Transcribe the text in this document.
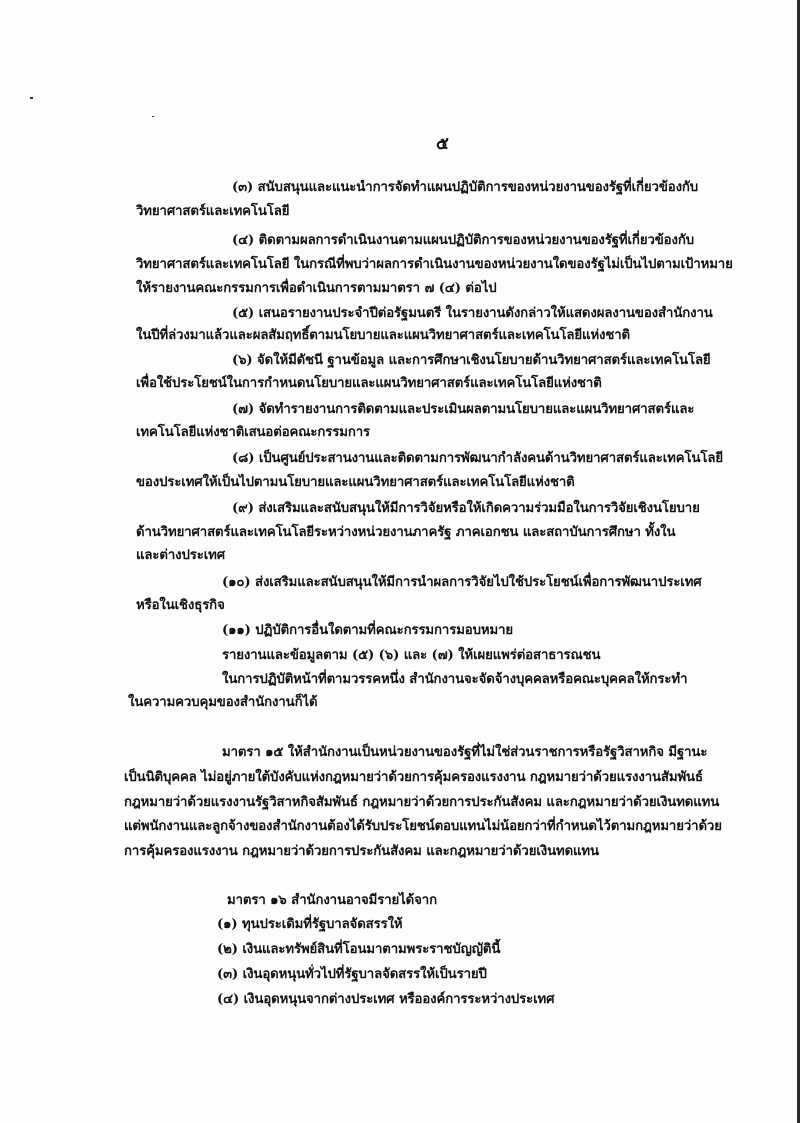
๕
(๓) สนับสนุนและแนะนำการจัดทำแผนปฏิบัติการของหน่วยงานของรัฐที่เกี่ยวข้องกับ
วิทยาศาสตร์และเทคโนโลยี
(๔) ติดตามผลการดำเนินงานตามแผนปฏิบัติการของหน่วยงานของรัฐที่เกี่ยวข้องกับ
วิทยาศาสตร์และเทคโนโลยี ในกรณีที่พบว่าผลการดำเนินงานของหน่วยงานใดของรัฐไม่เป็นไปตามเป้าหมาย
ให้รายงานคณะกรรมการเพื่อดำเนินการตามมาตรา ๗ (๔) ต่อไป
(๕) เสนอรายงานประจำปีต่อรัฐมนตรี ในรายงานดังกล่าวให้แสดงผลงานของสำนักงาน
ในปีที่ล่วงมาแล้วและผลสัมฤทธิ์ตามนโยบายและแผนวิทยาศาสตร์และเทคโนโลยีแห่งชาติ
(๖) จัดให้มีดัชนี ฐานข้อมูล และการศึกษาเชิงนโยบายด้านวิทยาศาสตร์และเทคโนโลยี
เพื่อใช้ประโยชน์ในการกำหนดนโยบายและแผนวิทยาศาสตร์และเทคโนโลยีแห่งชาติ
(๗) จัดทำรายงานการติดตามและประเมินผลตามนโยบายและแผนวิทยาศาสตร์และ
เทคโนโลยีแห่งชาติเสนอต่อคณะกรรมการ
(๘) เป็นศูนย์ประสานงานและติดตามการพัฒนากำลังคนด้านวิทยาศาสตร์และเทคโนโลยี
ของประเทศให้เป็นไปตามนโยบายและแผนวิทยาศาสตร์และเทคโนโลยีแห่งชาติ
(๙) ส่งเสริมและสนับสนุนให้มีการวิจัยหรือให้เกิดความร่วมมือในการวิจัยเชิงนโยบาย
ด้านวิทยาศาสตร์และเทคโนโลยีระหว่างหน่วยงานภาครัฐ ภาคเอกชน และสถาบันการศึกษา ทั้งใน
และต่างประเทศ
(๑๐) ส่งเสริมและสนับสนุนให้มีการนำผลการวิจัยไปใช้ประโยชน์เพื่อการพัฒนาประเทศ
หรือในเชิงธุรกิจ
(๑๑) ปฏิบัติการอื่นใดตามที่คณะกรรมการมอบหมาย
รายงานและข้อมูลตาม (๕) (๖) และ (๗) ให้เผยแพร่ต่อสาธารณชน
ในการปฏิบัติหน้าที่ตามวรรคหนึ่ง สำนักงานจะจัดจ้างบุคคลหรือคณะบุคคลให้กระทำ
ในความควบคุมของสำนักงานก็ได้
มาตรา ๑๕ ให้สำนักงานเป็นหน่วยงานของรัฐที่ไม่ใช่ส่วนราชการหรือรัฐวิสาหกิจ มีฐานะ
เป็นนิติบุคคล ไม่อยู่ภายใต้บังคับแห่งกฎหมายว่าด้วยการคุ้มครองแรงงาน กฎหมายว่าด้วยแรงงานสัมพันธ์
กฎหมายว่าด้วยแรงงานรัฐวิสาหกิจสัมพันธ์ กฎหมายว่าด้วยการประกันสังคม และกฎหมายว่าด้วยเงินทดแทน
แต่พนักงานและลูกจ้างของสำนักงานต้องได้รับประโยชน์ตอบแทนไม่น้อยกว่าที่กำหนดไว้ตามกฎหมายว่าด้วย
การคุ้มครองแรงงาน กฎหมายว่าด้วยการประกันสังคม และกฎหมายว่าด้วยเงินทดแทน
มาตรา ๑๖ สำนักงานอาจมีรายได้จาก
(๑) ทุนประเดิมที่รัฐบาลจัดสรรให้
(๒) เงินและทรัพย์สินที่โอนมาตามพระราชบัญญัตินี้
(๓) เงินอุดหนุนทั่วไปที่รัฐบาลจัดสรรให้เป็นรายปี
(๔) เงินอุดหนุนจากต่างประเทศ หรือองค์การระหว่างประเทศ
